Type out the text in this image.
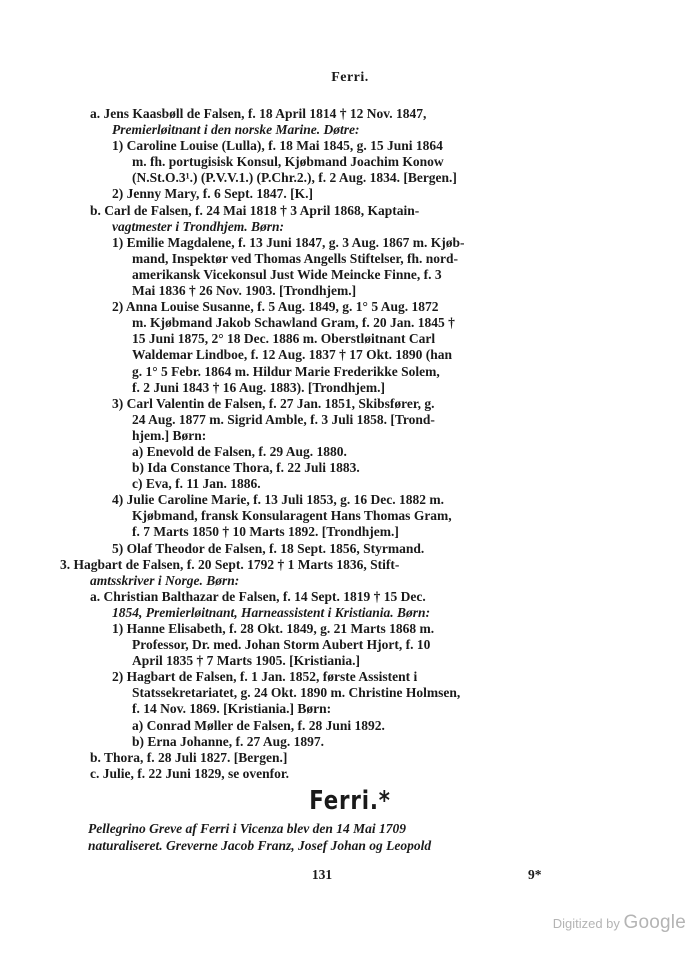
Ferri.
a. Jens Kaasbøll de Falsen, f. 18 April 1814 † 12 Nov. 1847,
Premierløitnant i den norske Marine. Døtre:
1) Caroline Louise (Lulla), f. 18 Mai 1845, g. 15 Juni 1864
m. fh. portugisisk Konsul, Kjøbmand Joachim Konow
(N.St.O.3¹.) (P.V.V.1.) (P.Chr.2.), f. 2 Aug. 1834. [Bergen.]
2) Jenny Mary, f. 6 Sept. 1847. [K.]
b. Carl de Falsen, f. 24 Mai 1818 † 3 April 1868, Kaptain-
vagtmester i Trondhjem. Børn:
1) Emilie Magdalene, f. 13 Juni 1847, g. 3 Aug. 1867 m. Kjøb-
mand, Inspektør ved Thomas Angells Stiftelser, fh. nord-
amerikansk Vicekonsul Just Wide Meincke Finne, f. 3
Mai 1836 † 26 Nov. 1903. [Trondhjem.]
2) Anna Louise Susanne, f. 5 Aug. 1849, g. 1° 5 Aug. 1872
m. Kjøbmand Jakob Schawland Gram, f. 20 Jan. 1845 †
15 Juni 1875, 2° 18 Dec. 1886 m. Oberstløitnant Carl
Waldemar Lindboe, f. 12 Aug. 1837 † 17 Okt. 1890 (han
g. 1° 5 Febr. 1864 m. Hildur Marie Frederikke Solem,
f. 2 Juni 1843 † 16 Aug. 1883). [Trondhjem.]
3) Carl Valentin de Falsen, f. 27 Jan. 1851, Skibsfører, g.
24 Aug. 1877 m. Sigrid Amble, f. 3 Juli 1858. [Trond-
hjem.] Børn:
a) Enevold de Falsen, f. 29 Aug. 1880.
b) Ida Constance Thora, f. 22 Juli 1883.
c) Eva, f. 11 Jan. 1886.
4) Julie Caroline Marie, f. 13 Juli 1853, g. 16 Dec. 1882 m.
Kjøbmand, fransk Konsularagent Hans Thomas Gram,
f. 7 Marts 1850 † 10 Marts 1892. [Trondhjem.]
5) Olaf Theodor de Falsen, f. 18 Sept. 1856, Styrmand.
3. Hagbart de Falsen, f. 20 Sept. 1792 † 1 Marts 1836, Stift-
amtsskriver i Norge. Børn:
a. Christian Balthazar de Falsen, f. 14 Sept. 1819 † 15 Dec.
1854, Premierløitnant, Harneassistent i Kristiania. Børn:
1) Hanne Elisabeth, f. 28 Okt. 1849, g. 21 Marts 1868 m.
Professor, Dr. med. Johan Storm Aubert Hjort, f. 10
April 1835 † 7 Marts 1905. [Kristiania.]
2) Hagbart de Falsen, f. 1 Jan. 1852, første Assistent i
Statssekretariatet, g. 24 Okt. 1890 m. Christine Holmsen,
f. 14 Nov. 1869. [Kristiania.] Børn:
a) Conrad Møller de Falsen, f. 28 Juni 1892.
b) Erna Johanne, f. 27 Aug. 1897.
b. Thora, f. 28 Juli 1827. [Bergen.]
c. Julie, f. 22 Juni 1829, se ovenfor.
Ferri.*
Pellegrino Greve af Ferri i Vicenza blev den 14 Mai 1709
naturaliseret. Greverne Jacob Franz, Josef Johan og Leopold
131	9*
Digitized by Google
